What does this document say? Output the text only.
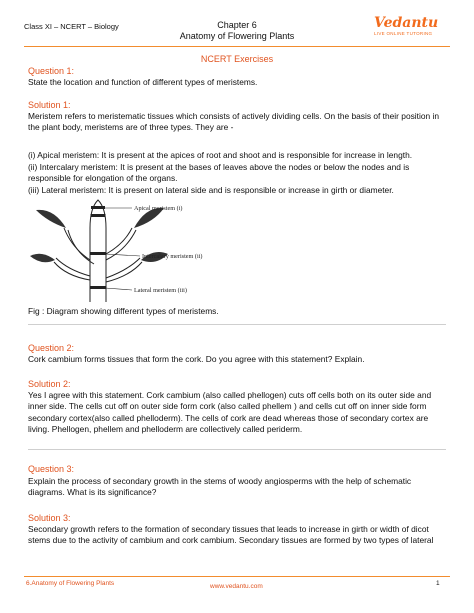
Class XI – NCERT – Biology	Chapter 6
Anatomy of Flowering Plants
Vedantu
LIVE ONLINE TUTORING
NCERT Exercises
Question 1:
State the location and function of different types of meristems.
Solution 1:
Meristem refers to meristematic tissues which consists of actively dividing cells. On the basis of their position in the plant body, meristems are of three types. They are -
(i) Apical meristem: It is present at the apices of root and shoot and is responsible for increase in length.
(ii) Intercalary meristem: It is present at the bases of leaves above the nodes or below the nodes and is responsible for elongation of the organs.
(iii) Lateral meristem: It is present on lateral side and is responsible or increase in girth or diameter.
Apical meristem (i)
Intercalary meristem (ii)
Lateral meristem (iii)
Fig : Diagram showing different types of meristems.
Question 2:
Cork cambium forms tissues that form the cork. Do you agree with this statement? Explain.
Solution 2:
Yes I agree with this statement. Cork cambium (also called phellogen) cuts off cells both on its outer side and inner side. The cells cut off on outer side form cork (also called phellem ) and cells cut off on inner side form secondary cortex(also called phelloderm). The cells of cork are dead whereas those of secondary cortex are living. Phellogen, phellem and phelloderm are collectively called periderm.
Question 3:
Explain the process of secondary growth in the stems of woody angiosperms with the help of schematic diagrams. What is its significance?
Solution 3:
Secondary growth refers to the formation of secondary tissues that leads to increase in girth or width of dicot stems due to the activity of cambium and cork cambium. Secondary tissues are formed by two types of lateral
6.Anatomy of Flowering Plants	www.vedantu.com	1
